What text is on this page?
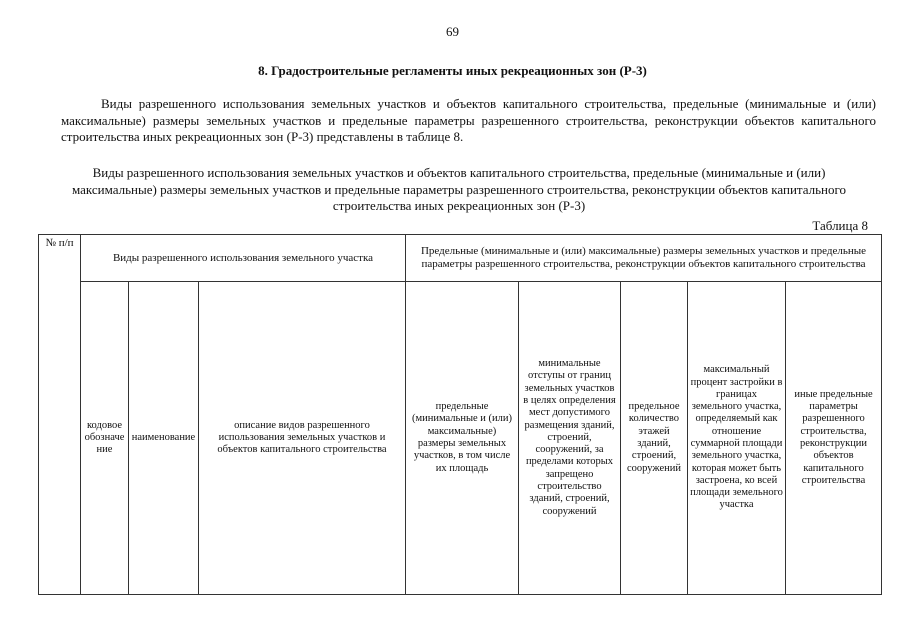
69
8. Градостроительные регламенты иных рекреационных зон (Р-3)

Виды разрешенного использования земельных участков и объектов капитального строительства, предельные (минимальные и (или) максимальные) размеры земельных участков и предельные параметры разрешенного строительства, реконструкции объектов капитального строительства иных рекреационных зон (Р-3) представлены в таблице 8.

Виды разрешенного использования земельных участков и объектов капитального строительства, предельные (минимальные и (или) максимальные) размеры земельных участков и предельные параметры разрешенного строительства, реконструкции объектов капитального строительства иных рекреационных зон (Р-3)

Таблица 8
№ п/п	Виды разрешенного использования земельного участка			Предельные (минимальные и (или) максимальные) размеры земельных участков и предельные параметры разрешенного строительства, реконструкции объектов капитального строительства				
	кодовое обозначение	наименование	описание видов разрешенного использования земельных участков и объектов капитального строительства	предельные (минимальные и (или) максимальные) размеры земельных участков, в том числе их площадь	минимальные отступы от границ земельных участков в целях определения мест допустимого размещения зданий, строений, сооружений, за пределами которых запрещено строительство зданий, строений, сооружений	предельное количество этажей зданий, строений, сооружений	максимальный процент застройки в границах земельного участка, определяемый как отношение суммарной площади земельного участка, которая может быть застроена, ко всей площади земельного участка	иные предельные параметры разрешенного строительства, реконструкции объектов капитального строительства
